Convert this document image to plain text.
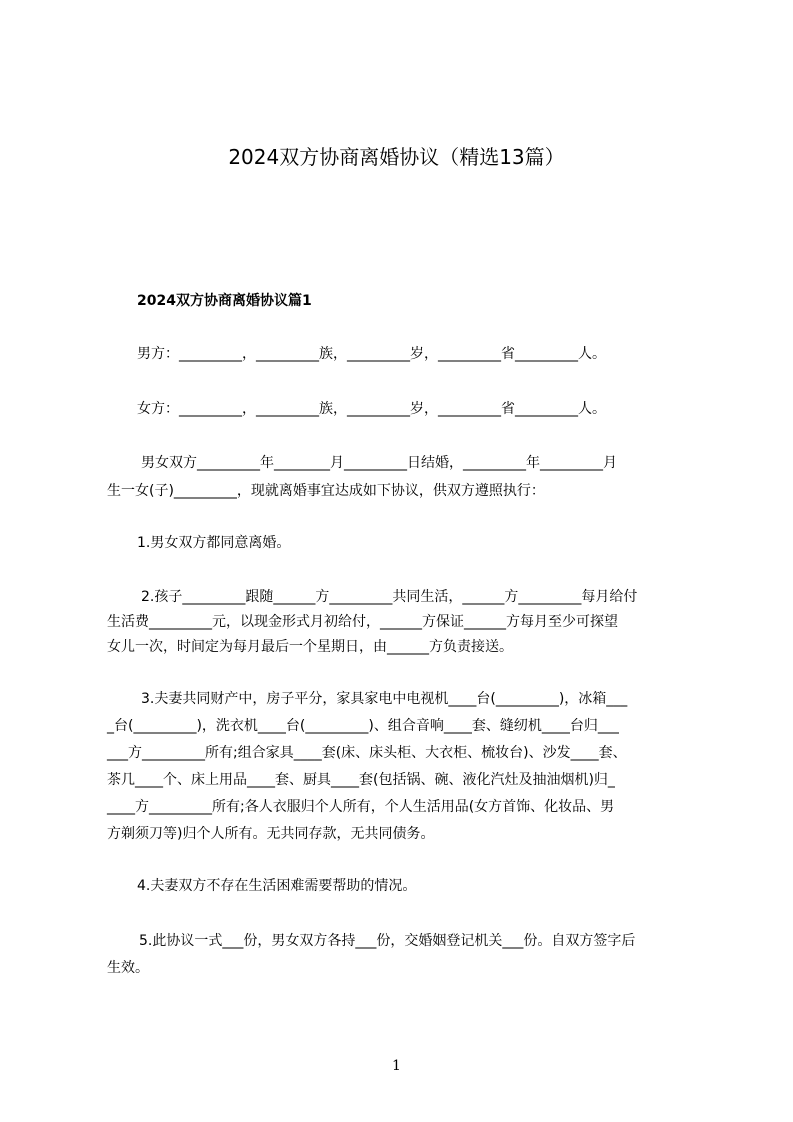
2024双方协商离婚协议（精选13篇）
2024双方协商离婚协议篇1
男方：_________，_________族，_________岁，_________省_________人。
女方：_________，_________族，_________岁，_________省_________人。
男女双方_________年________月_________日结婚，_________年_________月
生一女(子)_________，现就离婚事宜达成如下协议，供双方遵照执行：
1.男女双方都同意离婚。
2.孩子_________跟随______方_________共同生活，______方_________每月给付
生活费_________元，以现金形式月初给付，______方保证______方每月至少可探望
女儿一次，时间定为每月最后一个星期日，由______方负责接送。
3.夫妻共同财产中，房子平分，家具家电中电视机____台(_________)，冰箱___
_台(_________)，洗衣机____台(_________)、组合音响____套、缝纫机____台归___
___方_________所有;组合家具____套(床、床头柜、大衣柜、梳妆台)、沙发____套、
茶几____个、床上用品____套、厨具____套(包括锅、碗、液化汽灶及抽油烟机)归_
____方_________所有;各人衣服归个人所有，个人生活用品(女方首饰、化妆品、男
方剃须刀等)归个人所有。无共同存款，无共同债务。
4.夫妻双方不存在生活困难需要帮助的情况。
5.此协议一式___份，男女双方各持___份，交婚姻登记机关___份。自双方签字后
生效。
1
